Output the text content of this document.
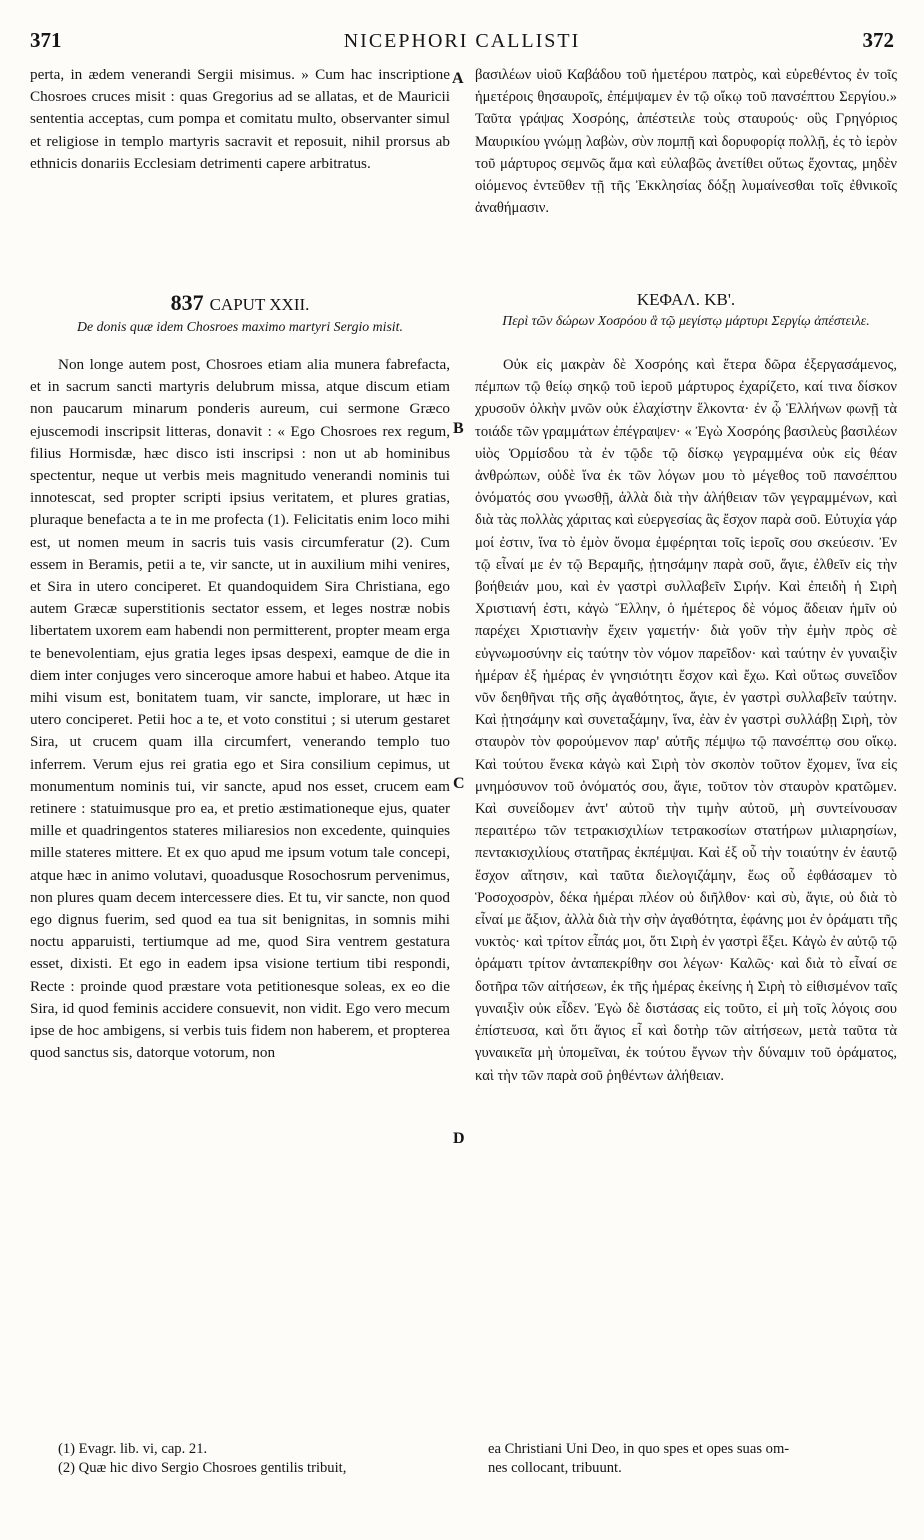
371	NICEPHORI CALLISTI	372

perta, in ædem venerandi Sergii misimus. » Cum hac inscriptione Chosroes cruces misit : quas Gregorius ad se allatas, et de Mauricii sententia acceptas, cum pompa et comitatu multo, observanter simul et religiose in templo martyris sacravit et reposuit, nihil prorsus ab ethnicis donariis Ecclesiam detrimenti capere arbitratus.

837 CAPUT XXII.
De donis quæ idem Chosroes maximo martyri Sergio misit.

Non longe autem post, Chosroes etiam alia munera fabrefacta, et in sacrum sancti martyris delubrum missa, atque discum etiam non paucarum minarum ponderis aureum, cui sermone Græco ejuscemodi inscripsit litteras, donavit : « Ego Chosroes rex regum, filius Hormisdæ, hæc disco isti inscripsi : non ut ab hominibus spectentur, neque ut verbis meis magnitudo venerandi nominis tui innotescat, sed propter scripti ipsius veritatem, et plures gratias, pluraque benefacta a te in me profecta (1). Felicitatis enim loco mihi est, ut nomen meum in sacris tuis vasis circumferatur (2). Cum essem in Beramis, petii a te, vir sancte, ut in auxilium mihi venires, et Sira in utero conciperet. Et quandoquidem Sira Christiana, ego autem Græcæ superstitionis sectator essem, et leges nostræ nobis libertatem uxorem eam habendi non permitterent, propter meam erga te benevolentiam, ejus gratia leges ipsas despexi, eamque de die in diem inter conjuges vero sinceroque amore habui et habeo. Atque ita mihi visum est, bonitatem tuam, vir sancte, implorare, ut hæc in utero conciperet. Petii hoc a te, et voto constitui ; si uterum gestaret Sira, ut crucem quam illa circumfert, venerando templo tuo inferrem. Verum ejus rei gratia ego et Sira consilium cepimus, ut monumentum nominis tui, vir sancte, apud nos esset, crucem eam retinere : statuimusque pro ea, et pretio æstimationeque ejus, quater mille et quadringentos stateres miliaresios non excedente, quinquies mille stateres mittere. Et ex quo apud me ipsum votum tale concepi, atque hæc in animo volutavi, quoadusque Rosochosrum pervenimus, non plures quam decem intercessere dies. Et tu, vir sancte, non quod ego dignus fuerim, sed quod ea tua sit benignitas, in somnis mihi noctu apparuisti, tertiumque ad me, quod Sira ventrem gestatura esset, dixisti. Et ego in eadem ipsa visione tertium tibi respondi, Recte : proinde quod præstare vota petitionesque soleas, ex eo die Sira, id quod feminis accidere consuevit, non vidit. Ego vero mecum ipse de hoc ambigens, si verbis tuis fidem non haberem, et propterea quod sanctus sis, datorque votorum, non

βασιλέων υἱοῦ Καβάδου τοῦ ἡμετέρου πατρὸς, καὶ εὑρεθέντος ἐν τοῖς ἡμετέροις θησαυροῖς, ἐπέμψαμεν ἐν τῷ οἴκῳ τοῦ πανσέπτου Σεργίου.» Ταῦτα γράψας Χοσρόης, ἀπέστειλε τοὺς σταυρούς· οὓς Γρηγόριος Μαυρικίου γνώμῃ λαβὼν, σὺν πομπῇ καὶ δορυφορίᾳ πολλῇ, ἐς τὸ ἱερὸν τοῦ μάρτυρος σεμνῶς ἅμα καὶ εὐλαβῶς ἀνετίθει οὕτως ἔχοντας, μηδὲν οἰόμενος ἐντεῦθεν τῇ τῆς Ἐκκλησίας δόξῃ λυμαίνεσθαι τοῖς ἐθνικοῖς ἀναθήμασιν.

ΚΕΦΑΛ. ΚΒ'.
Περὶ τῶν δώρων Χοσρόου ἃ τῷ μεγίστῳ μάρτυρι Σεργίῳ ἀπέστειλε.

Οὐκ εἰς μακρὰν δὲ Χοσρόης καὶ ἕτερα δῶρα ἐξεργασάμενος, πέμπων τῷ θείῳ σηκῷ τοῦ ἱεροῦ μάρτυρος ἐχαρίζετο, καί τινα δίσκον χρυσοῦν ὁλκὴν μνῶν οὐκ ἐλαχίστην ἕλκοντα· ἐν ᾧ Ἑλλήνων φωνῇ τὰ τοιάδε τῶν γραμμάτων ἐπέγραψεν· « Ἐγὼ Χοσρόης βασιλεὺς βασιλέων υἱὸς Ὁρμίσδου τὰ ἐν τῷδε τῷ δίσκῳ γεγραμμένα οὐκ εἰς θέαν ἀνθρώπων, οὐδὲ ἵνα ἐκ τῶν λόγων μου τὸ μέγεθος τοῦ πανσέπτου ὀνόματός σου γνωσθῇ, ἀλλὰ διὰ τὴν ἀλήθειαν τῶν γεγραμμένων, καὶ διὰ τὰς πολλὰς χάριτας καὶ εὐεργεσίας ἃς ἔσχον παρὰ σοῦ. Εὐτυχία γάρ μοί ἐστιν, ἵνα τὸ ἐμὸν ὄνομα ἐμφέρηται τοῖς ἱεροῖς σου σκεύεσιν. Ἐν τῷ εἶναί με ἐν τῷ Βεραμῆς, ᾐτησάμην παρὰ σοῦ, ἅγιε, ἐλθεῖν εἰς τὴν βοήθειάν μου, καὶ ἐν γαστρὶ συλλαβεῖν Σιρήν. Καὶ ἐπειδὴ ἡ Σιρὴ Χριστιανή ἐστι, κἀγὼ Ἕλλην, ὁ ἡμέτερος δὲ νόμος ἄδειαν ἡμῖν οὐ παρέχει Χριστιανὴν ἔχειν γαμετήν· διὰ γοῦν τὴν ἐμὴν πρὸς σὲ εὐγνωμοσύνην εἰς ταύτην τὸν νόμον παρεῖδον· καὶ ταύτην ἐν γυναιξὶν ἡμέραν ἐξ ἡμέρας ἐν γνησιότητι ἔσχον καὶ ἔχω. Καὶ οὕτως συνεῖδον νῦν δεηθῆναι τῆς σῆς ἀγαθότητος, ἅγιε, ἐν γαστρὶ συλλαβεῖν ταύτην. Καὶ ᾐτησάμην καὶ συνεταξάμην, ἵνα, ἐὰν ἐν γαστρὶ συλλάβῃ Σιρὴ, τὸν σταυρὸν τὸν φορούμενον παρ' αὐτῆς πέμψω τῷ πανσέπτῳ σου οἴκῳ. Καὶ τούτου ἕνεκα κἀγὼ καὶ Σιρὴ τὸν σκοπὸν τοῦτον ἔχομεν, ἵνα εἰς μνημόσυνον τοῦ ὀνόματός σου, ἅγιε, τοῦτον τὸν σταυρὸν κρατῶμεν. Καὶ συνείδομεν ἀντ' αὐτοῦ τὴν τιμὴν αὐτοῦ, μὴ συντείνουσαν περαιτέρω τῶν τετρακισχιλίων τετρακοσίων στατήρων μιλιαρησίων, πεντακισχιλίους στατῆρας ἐκπέμψαι. Καὶ ἐξ οὗ τὴν τοιαύτην ἐν ἑαυτῷ ἔσχον αἴτησιν, καὶ ταῦτα διελογιζάμην, ἕως οὗ ἐφθάσαμεν τὸ Ῥοσοχοσρὸν, δέκα ἡμέραι πλέον οὐ διῆλθον· καὶ σὺ, ἅγιε, οὐ διὰ τὸ εἶναί με ἄξιον, ἀλλὰ διὰ τὴν σὴν ἀγαθότητα, ἐφάνης μοι ἐν ὁράματι τῆς νυκτὸς· καὶ τρίτον εἶπάς μοι, ὅτι Σιρὴ ἐν γαστρὶ ἕξει. Κἀγὼ ἐν αὐτῷ τῷ ὁράματι τρίτον ἀνταπεκρίθην σοι λέγων· Καλῶς· καὶ διὰ τὸ εἶναί σε δοτῆρα τῶν αἰτήσεων, ἐκ τῆς ἡμέρας ἐκείνης ἡ Σιρὴ τὸ εἰθισμένον ταῖς γυναιξὶν οὐκ εἶδεν. Ἐγὼ δὲ διστάσας εἰς τοῦτο, εἰ μὴ τοῖς λόγοις σου ἐπίστευσα, καὶ ὅτι ἅγιος εἶ καὶ δοτὴρ τῶν αἰτήσεων, μετὰ ταῦτα τὰ γυναικεῖα μὴ ὑπομεῖναι, ἐκ τούτου ἔγνων τὴν δύναμιν τοῦ ὁράματος, καὶ τὴν τῶν παρὰ σοῦ ῥηθέντων ἀλήθειαν.

A
B
C
D
(1) Evagr. lib. vi, cap. 21.
(2) Quæ hic divo Sergio Chosroes gentilis tribuit,
ea Christiani Uni Deo, in quo spes et opes suas om-
nes collocant, tribuunt.
